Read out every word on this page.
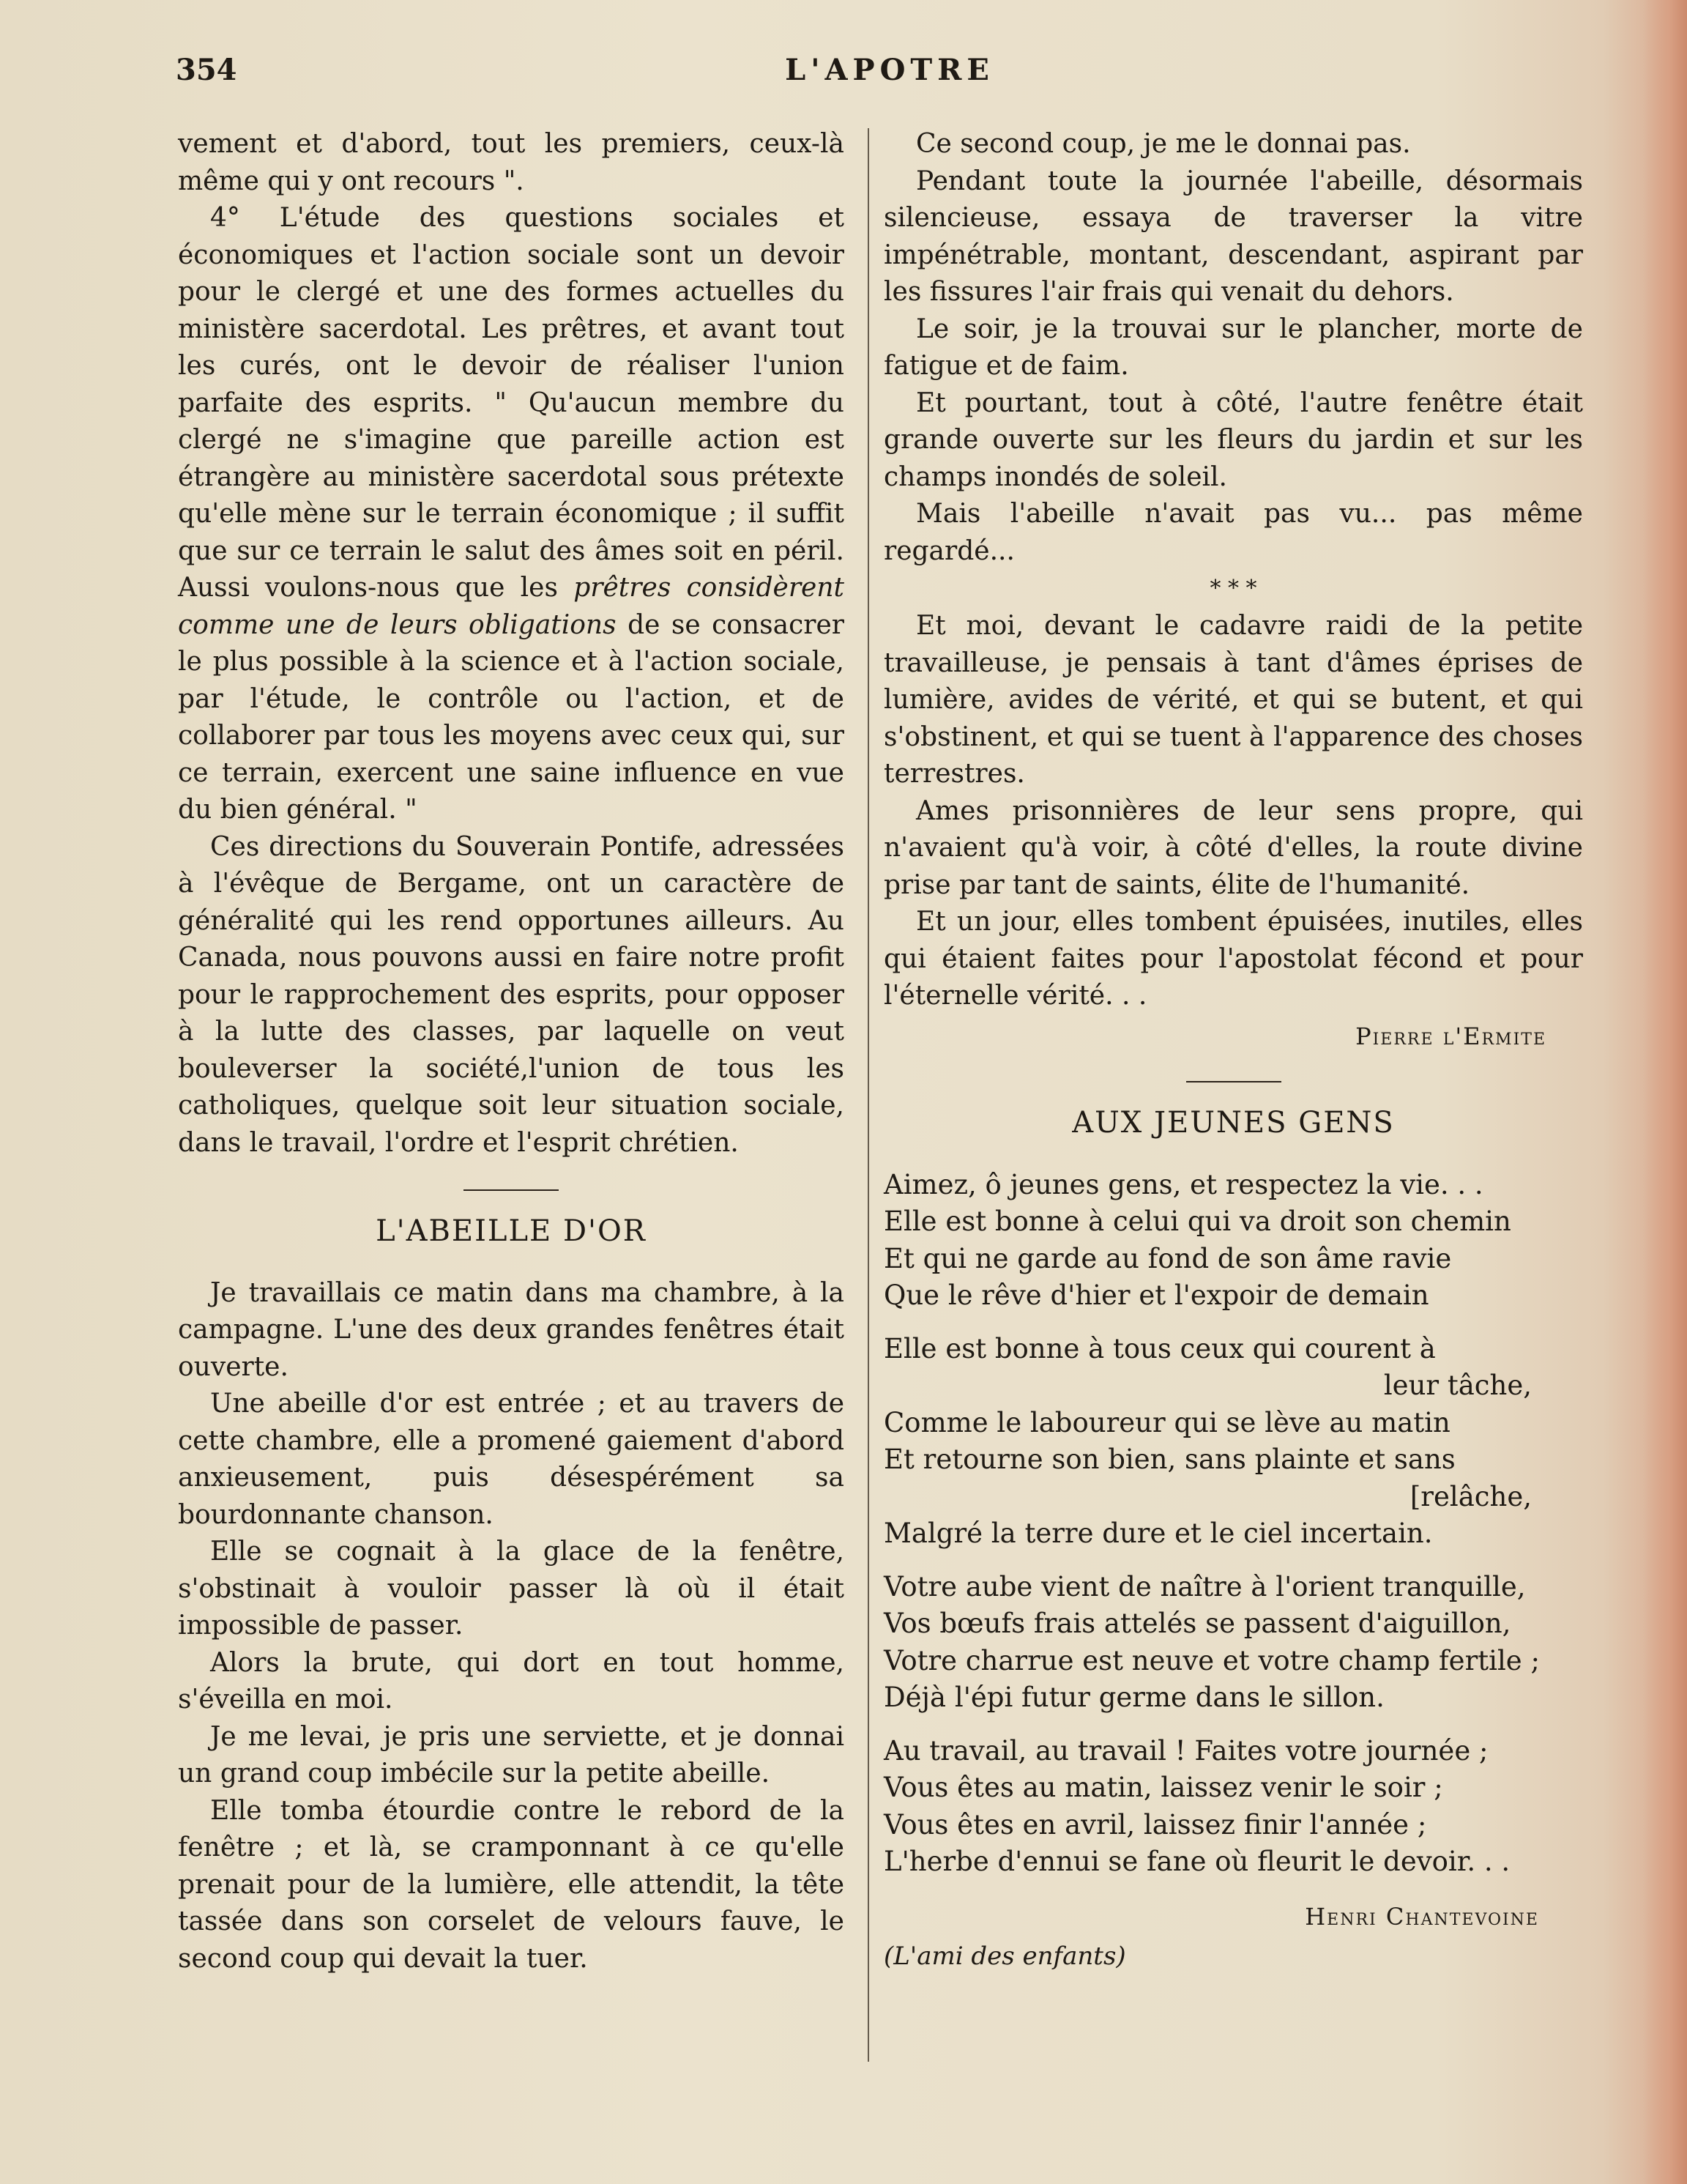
354	L'APOTRE

vement et d'abord, tout les premiers, ceux-là même qui y ont recours ".

4° L'étude des questions sociales et économiques et l'action sociale sont un devoir pour le clergé et une des formes actuelles du ministère sacerdotal. Les prêtres, et avant tout les curés, ont le devoir de réaliser l'union parfaite des esprits. " Qu'aucun membre du clergé ne s'imagine que pareille action est étrangère au ministère sacerdotal sous prétexte qu'elle mène sur le terrain économique ; il suffit que sur ce terrain le salut des âmes soit en péril. Aussi voulons-nous que les prêtres considèrent comme une de leurs obligations de se consacrer le plus possible à la science et à l'action sociale, par l'étude, le contrôle ou l'action, et de collaborer par tous les moyens avec ceux qui, sur ce terrain, exercent une saine influence en vue du bien général. "

Ces directions du Souverain Pontife, adressées à l'évêque de Bergame, ont un caractère de généralité qui les rend opportunes ailleurs. Au Canada, nous pouvons aussi en faire notre profit pour le rapprochement des esprits, pour opposer à la lutte des classes, par laquelle on veut bouleverser la société,l'union de tous les catholiques, quelque soit leur situation sociale, dans le travail, l'ordre et l'esprit chrétien.

L'ABEILLE D'OR

Je travaillais ce matin dans ma chambre, à la campagne. L'une des deux grandes fenêtres était ouverte.

Une abeille d'or est entrée ; et au travers de cette chambre, elle a promené gaiement d'abord anxieusement, puis désespérément sa bourdonnante chanson.

Elle se cognait à la glace de la fenêtre, s'obstinait à vouloir passer là où il était impossible de passer.

Alors la brute, qui dort en tout homme, s'éveilla en moi.

Je me levai, je pris une serviette, et je donnai un grand coup imbécile sur la petite abeille.

Elle tomba étourdie contre le rebord de la fenêtre ; et là, se cramponnant à ce qu'elle prenait pour de la lumière, elle attendit, la tête tassée dans son corselet de velours fauve, le second coup qui devait la tuer.

Ce second coup, je me le donnai pas.

Pendant toute la journée l'abeille, désormais silencieuse, essaya de traverser la vitre impénétrable, montant, descendant, aspirant par les fissures l'air frais qui venait du dehors.

Le soir, je la trouvai sur le plancher, morte de fatigue et de faim.

Et pourtant, tout à côté, l'autre fenêtre était grande ouverte sur les fleurs du jardin et sur les champs inondés de soleil.

Mais l'abeille n'avait pas vu... pas même regardé...

* * *

Et moi, devant le cadavre raidi de la petite travailleuse, je pensais à tant d'âmes éprises de lumière, avides de vérité, et qui se butent, et qui s'obstinent, et qui se tuent à l'apparence des choses terrestres.

Ames prisonnières de leur sens propre, qui n'avaient qu'à voir, à côté d'elles, la route divine prise par tant de saints, élite de l'humanité.

Et un jour, elles tombent épuisées, inutiles, elles qui étaient faites pour l'apostolat fécond et pour l'éternelle vérité. . .

Pierre l'Ermite
AUX JEUNES GENS
Aimez, ô jeunes gens, et respectez la vie. . .
Elle est bonne à celui qui va droit son chemin
Et qui ne garde au fond de son âme ravie
Que le rêve d'hier et l'expoir de demain
Elle est bonne à tous ceux qui courent à
leur tâche,
Comme le laboureur qui se lève au matin
Et retourne son bien, sans plainte et sans
[relâche,
Malgré la terre dure et le ciel incertain.
Votre aube vient de naître à l'orient tranquille,
Vos bœufs frais attelés se passent d'aiguillon,
Votre charrue est neuve et votre champ fertile ;
Déjà l'épi futur germe dans le sillon.
Au travail, au travail ! Faites votre journée ;
Vous êtes au matin, laissez venir le soir ;
Vous êtes en avril, laissez finir l'année ;
L'herbe d'ennui se fane où fleurit le devoir. . .
Henri Chantevoine
(L'ami des enfants)
